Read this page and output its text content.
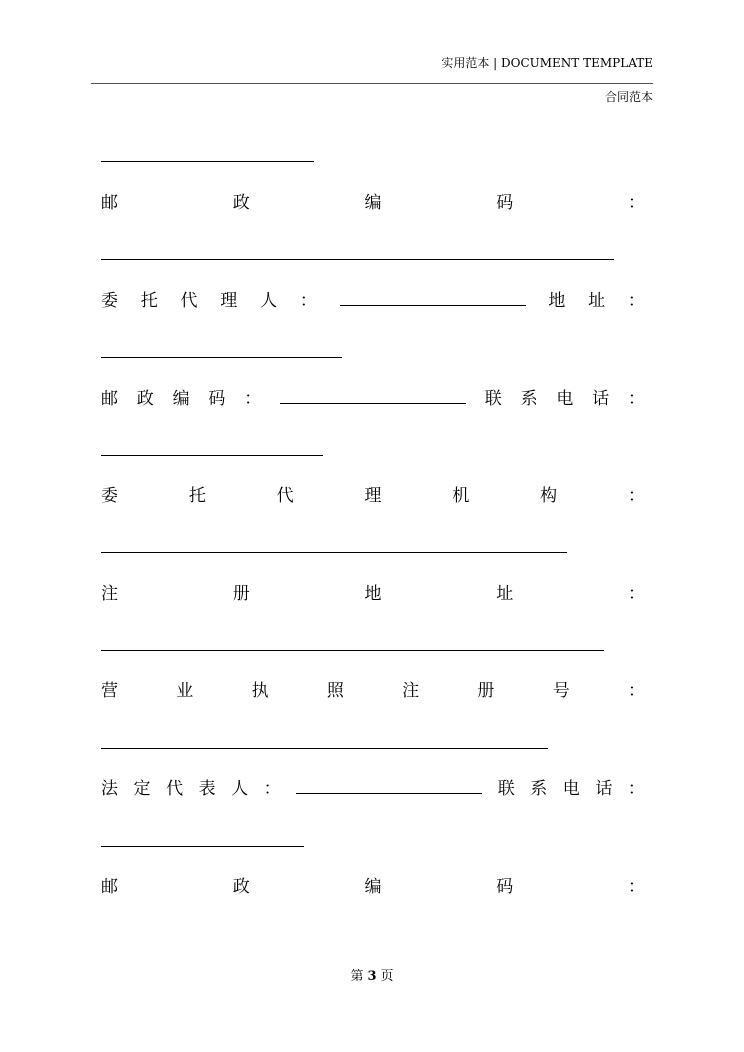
实用范本 | DOCUMENT TEMPLATE
合同范本
邮	政	编	码	：
委 托 代 理 人 ：	地 址 ：
邮 政 编 码 ：	联 系 电 话 ：
委	托	代	理	机	构	：
注	册	地	址	：
营	业	执	照	注	册	号	：
法 定 代 表 人 ：	联 系 电 话 ：
邮	政	编	码	：
第 3 页
